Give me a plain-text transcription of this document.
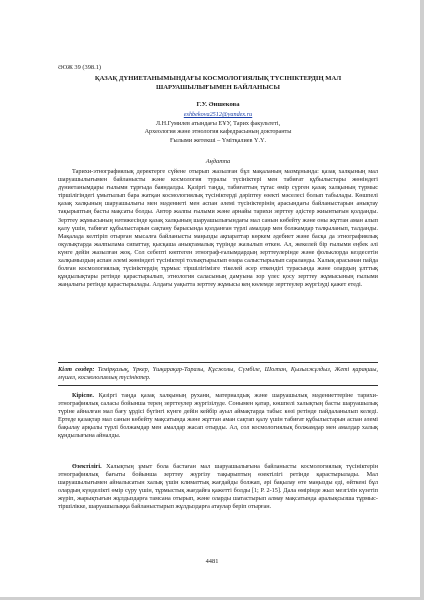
ӘОЖ 39 (398.1)
ҚАЗАҚ ДҮНИЕТАНЫМЫНДАҒЫ КОСМОЛОГИЯЛЫҚ ТҮСІНІКТЕРДІҢ МАЛ ШАРУАШЫЛЫҒЫМЕН БАЙЛАНЫСЫ
Г.У. Әншекова
eshbekova2512@yandex.ru
Л.Н.Гумилев атындағы ЕҰУ, Тарих факультеті,
Археология және этнология кафедрасының докторанты
Ғылыми жетекші – Үмітқалиев Ү.Ү.
Аңдатпа
Тарихи-этнографиялық деректерге сүйене отырып жазылған бұл мақаланың мазмұнында: қазақ халқының мал шаруашылығымен байланысты және космология туралы түсініктері мен табиғат құбылыстары жөніндегі дүниетанымдары ғылыми тұрғыда баяндалды. Қазіргі таңда, табиғаттың тұтас өмір сүрген қазақ халқының түрмыс тіршілігіндегі ұмытылып бара жатқан космологиялық түсініктерді дәріптеу өзекті мәселесі болып табылады. Көшпелі қазақ халқының шаруашылығы мен мәдениеті мен аспан әлемі түсініктерінің арасындағы байланыстарын анықтау тақырыптың басты мақсаты болды. Автор жалпы ғылыми және арнайы тарихи зерттеу әдістер жиынтығын қолданды. Зерттеу жұмысының нәтижесінде қазақ халқының шаруашылығындағы мал санын көбейту және оны жұттан аман алып қалу үшін, табиғат құбылыстарын сақтану барысында қолданған түрлі амалдар мен болжамдар талқыланып, талданды. Мақалада келтіріп отырған мысалға байланысты маңызды ақпараттар көркем әдебиет және басқа да этнографиялық оқулықтарда жалпылама сипаттау, қысқаша анықтамалық түрінде жазылып өткен. Ал, жекелей бір ғылыми еңбек әлі күнге дейін жазылған жоқ. Сол себепті көптеген этнограф-ғалымдардың зерттеулерінде және фольклорда кездесетін халқымыздың аспан әлемі жөніндегі түсініктері толықтырылып өзара салыстырылып сараланды. Халық арасынан пайда болған космологиялық түсініктердің тұрмыс тіршілігімізге тікелей әсер еткендігі турасында және олардың ұлттық құндылықтары ретінде қарастырылып, этнология саласының дамуына зор үлес қосу зерттеу жұмысының ғылыми жаңалығы ретінде қарастырылады. Алдағы уақытта зерттеу жұмысы кең көлемде зерттеулер жүргізуді қажет етеді.
Кілт сөздер: Темірқазық, Үркер, Үшқарақар-Таразы, Құсжолы, Сүмбіле, Шолпан, Қызылжұлдыз, Жеті қарақшы, мүшел, космологиялық түсініктер.

Кіріспе. Қазіргі таңда қазақ халқының рухани, материалдық және шаруашылық мәдениеттеріне тарихи-этнографиялық саласы бойынша терең зерттеулер жүргізілуде. Сонымен қатар, көшпелі халықтың басты шаруашылық түріне айналған мал бағу ұрдісі бүгінгі күнге дейін кейбір ауыл аймақтарда табыс көзі ретінде пайдаланылып келеді. Ертеде қазақтар мал санын көбейту мақсатында және жұттан аман сақтап қалу үшін табиғат құбылыстарын аспан әлемі бақылау арқылы түрлі болжамдар мен амалдар жасап отырды. Ал, сол космологиялық болжамдар мен амалдар халық құндылығына айналды.

Өзектілігі. Халықтың ұмыт бола бастаған мал шаруашылығына байланысты космологиялық түсініктерін этнографиялық бағыты бойынша зерттеу жүргізу тақырыптың өзектілігі ретінде қарастырылады. Мал шаруашылығымен айналысатын халық үшін климаттық жағдайды болжап, әрі бақылау өте маңызды еді, өйткені бұл олардың күнделікті өмір сүру үшін, тұрмыстық жағдайға қажетті болды [1; Р. 2-15]. Дала өмірінде жыл мезгілін күзетіп жүріп, жарықтығын жұлдыздарға тамсана отырып, және оларды шатастырып алмау мақсатында аралықсызша тұрмыс-тіршілікке, шаруашылыққа байланыстырып жұлдыздарға атаулар беріп отырған.

4481
